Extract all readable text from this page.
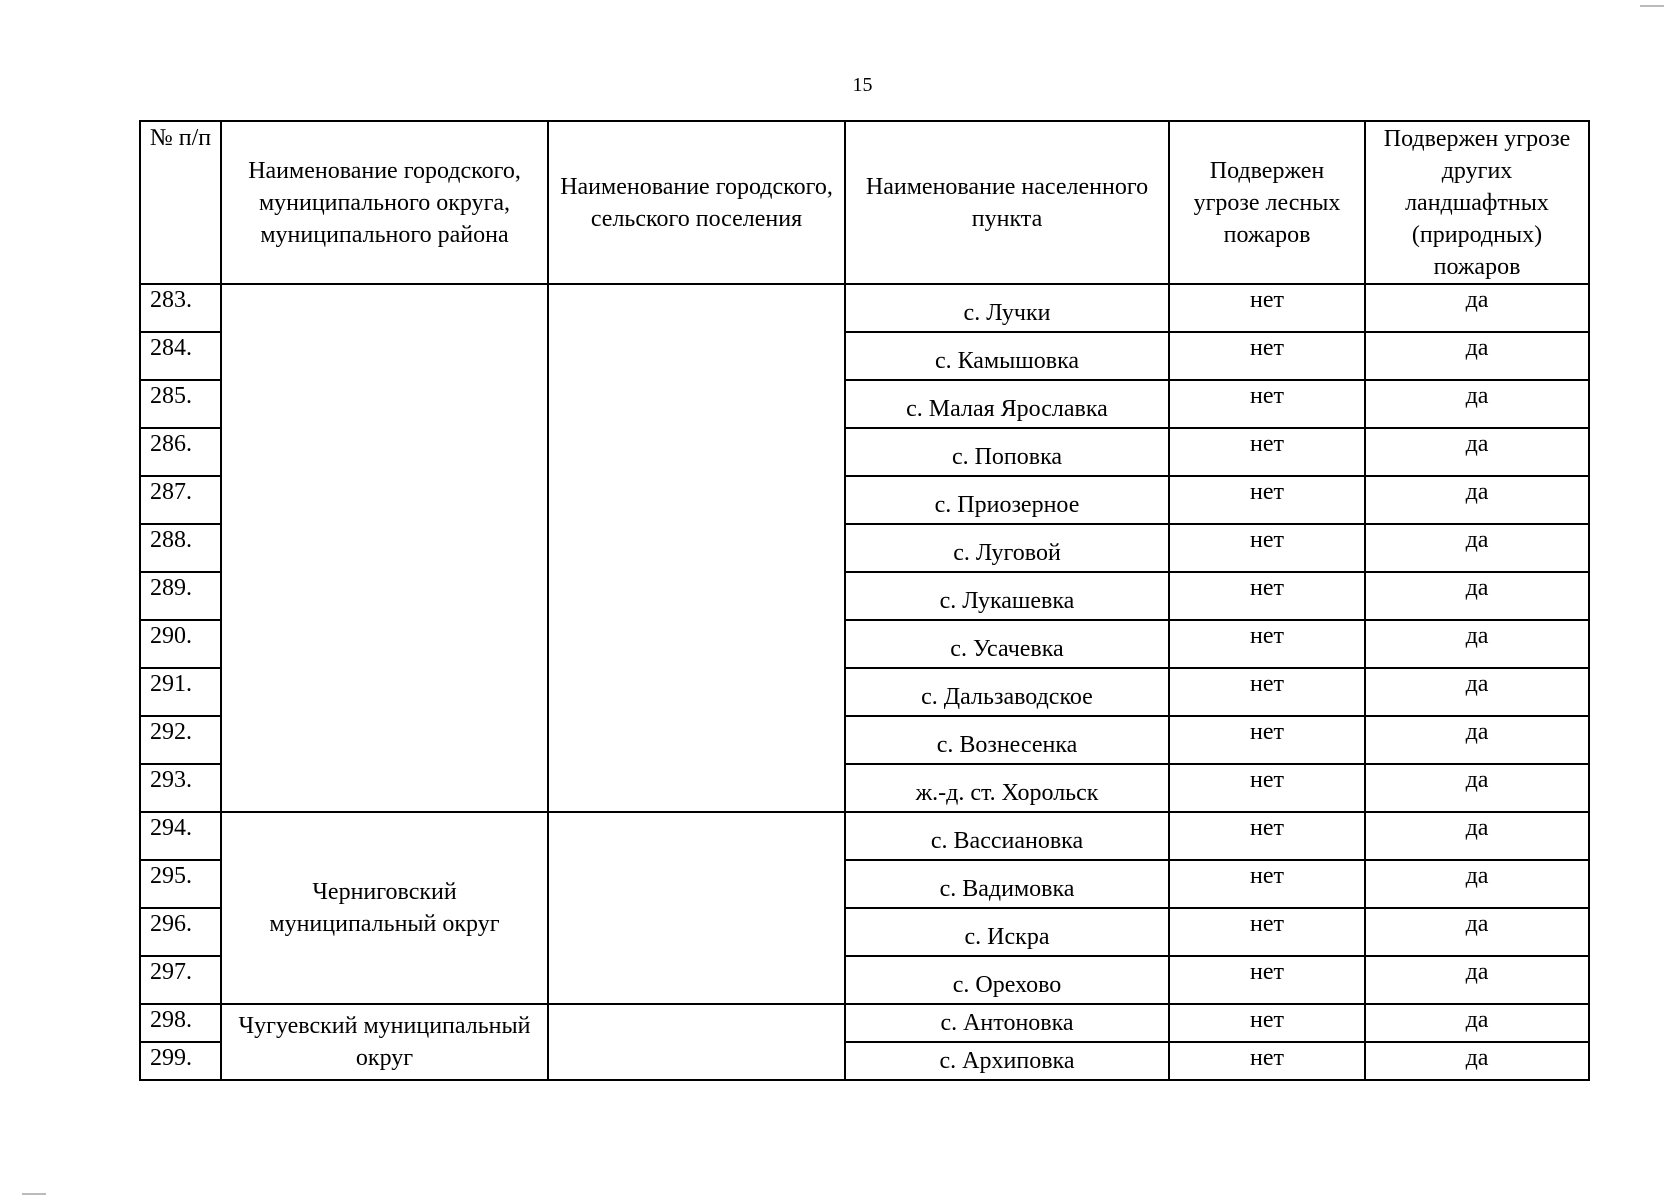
15
№ п/п	Наименование городского, муниципального округа, муниципального района	Наименование городского, сельского поселения	Наименование населенного пункта	Подвержен угрозе лесных пожаров	Подвержен угрозе других ландшафтных (природных) пожаров
283.			с. Лучки	нет	да
284.			с. Камышовка	нет	да
285.			с. Малая Ярославка	нет	да
286.			с. Поповка	нет	да
287.			с. Приозерное	нет	да
288.			с. Луговой	нет	да
289.			с. Лукашевка	нет	да
290.			с. Усачевка	нет	да
291.			с. Дальзаводское	нет	да
292.			с. Вознесенка	нет	да
293.			ж.-д. ст. Хорольск	нет	да
294.	Черниговский муниципальный округ		с. Вассиановка	нет	да
295.			с. Вадимовка	нет	да
296.			с. Искра	нет	да
297.			с. Орехово	нет	да
298.	Чугуевский муниципальный округ		с. Антоновка	нет	да
299.			с. Архиповка	нет	да
